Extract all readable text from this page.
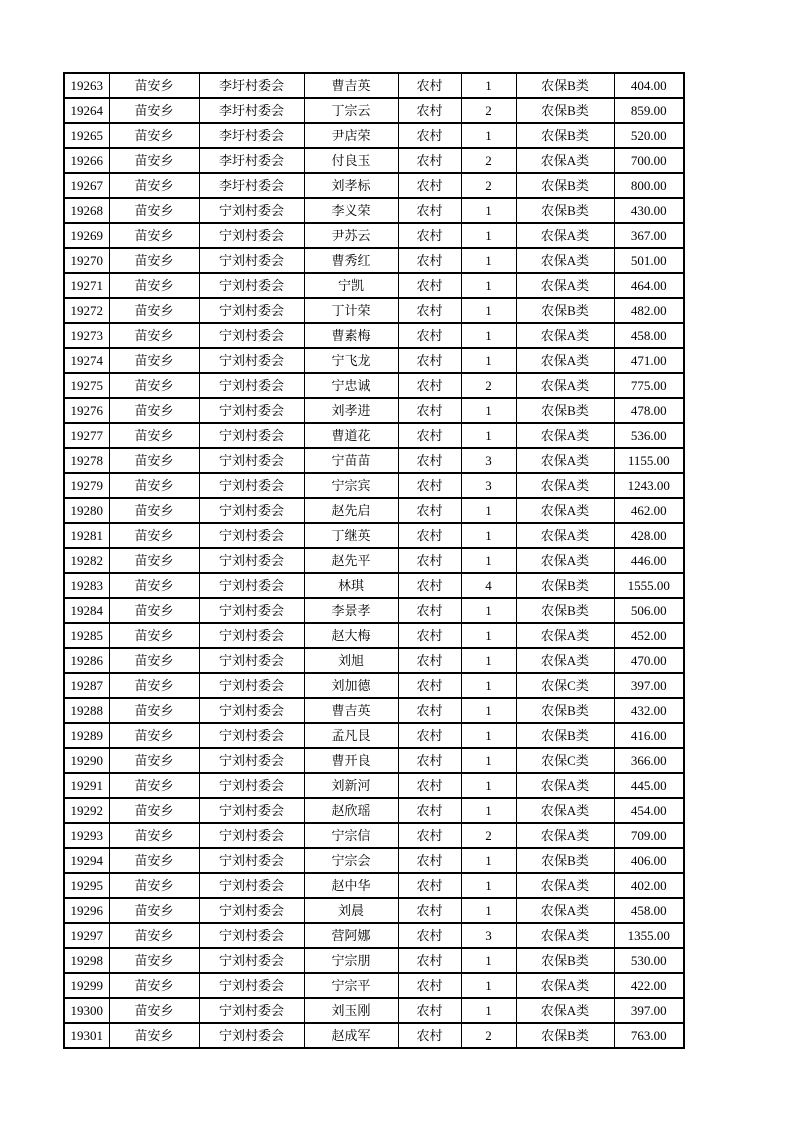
19263	苗安乡	李圩村委会	曹吉英	农村	1	农保B类	404.00
19264	苗安乡	李圩村委会	丁宗云	农村	2	农保B类	859.00
19265	苗安乡	李圩村委会	尹店荣	农村	1	农保B类	520.00
19266	苗安乡	李圩村委会	付良玉	农村	2	农保A类	700.00
19267	苗安乡	李圩村委会	刘孝标	农村	2	农保B类	800.00
19268	苗安乡	宁刘村委会	李义荣	农村	1	农保B类	430.00
19269	苗安乡	宁刘村委会	尹苏云	农村	1	农保A类	367.00
19270	苗安乡	宁刘村委会	曹秀红	农村	1	农保A类	501.00
19271	苗安乡	宁刘村委会	宁凯	农村	1	农保A类	464.00
19272	苗安乡	宁刘村委会	丁计荣	农村	1	农保B类	482.00
19273	苗安乡	宁刘村委会	曹素梅	农村	1	农保A类	458.00
19274	苗安乡	宁刘村委会	宁飞龙	农村	1	农保A类	471.00
19275	苗安乡	宁刘村委会	宁忠诚	农村	2	农保A类	775.00
19276	苗安乡	宁刘村委会	刘孝进	农村	1	农保B类	478.00
19277	苗安乡	宁刘村委会	曹道花	农村	1	农保A类	536.00
19278	苗安乡	宁刘村委会	宁苗苗	农村	3	农保A类	1155.00
19279	苗安乡	宁刘村委会	宁宗宾	农村	3	农保A类	1243.00
19280	苗安乡	宁刘村委会	赵先启	农村	1	农保A类	462.00
19281	苗安乡	宁刘村委会	丁继英	农村	1	农保A类	428.00
19282	苗安乡	宁刘村委会	赵先平	农村	1	农保A类	446.00
19283	苗安乡	宁刘村委会	林琪	农村	4	农保B类	1555.00
19284	苗安乡	宁刘村委会	李景孝	农村	1	农保B类	506.00
19285	苗安乡	宁刘村委会	赵大梅	农村	1	农保A类	452.00
19286	苗安乡	宁刘村委会	刘旭	农村	1	农保A类	470.00
19287	苗安乡	宁刘村委会	刘加德	农村	1	农保C类	397.00
19288	苗安乡	宁刘村委会	曹吉英	农村	1	农保B类	432.00
19289	苗安乡	宁刘村委会	孟凡艮	农村	1	农保B类	416.00
19290	苗安乡	宁刘村委会	曹开良	农村	1	农保C类	366.00
19291	苗安乡	宁刘村委会	刘新河	农村	1	农保A类	445.00
19292	苗安乡	宁刘村委会	赵欣瑶	农村	1	农保A类	454.00
19293	苗安乡	宁刘村委会	宁宗信	农村	2	农保A类	709.00
19294	苗安乡	宁刘村委会	宁宗会	农村	1	农保B类	406.00
19295	苗安乡	宁刘村委会	赵中华	农村	1	农保A类	402.00
19296	苗安乡	宁刘村委会	刘晨	农村	1	农保A类	458.00
19297	苗安乡	宁刘村委会	营阿娜	农村	3	农保A类	1355.00
19298	苗安乡	宁刘村委会	宁宗朋	农村	1	农保B类	530.00
19299	苗安乡	宁刘村委会	宁宗平	农村	1	农保A类	422.00
19300	苗安乡	宁刘村委会	刘玉刚	农村	1	农保A类	397.00
19301	苗安乡	宁刘村委会	赵成军	农村	2	农保B类	763.00
